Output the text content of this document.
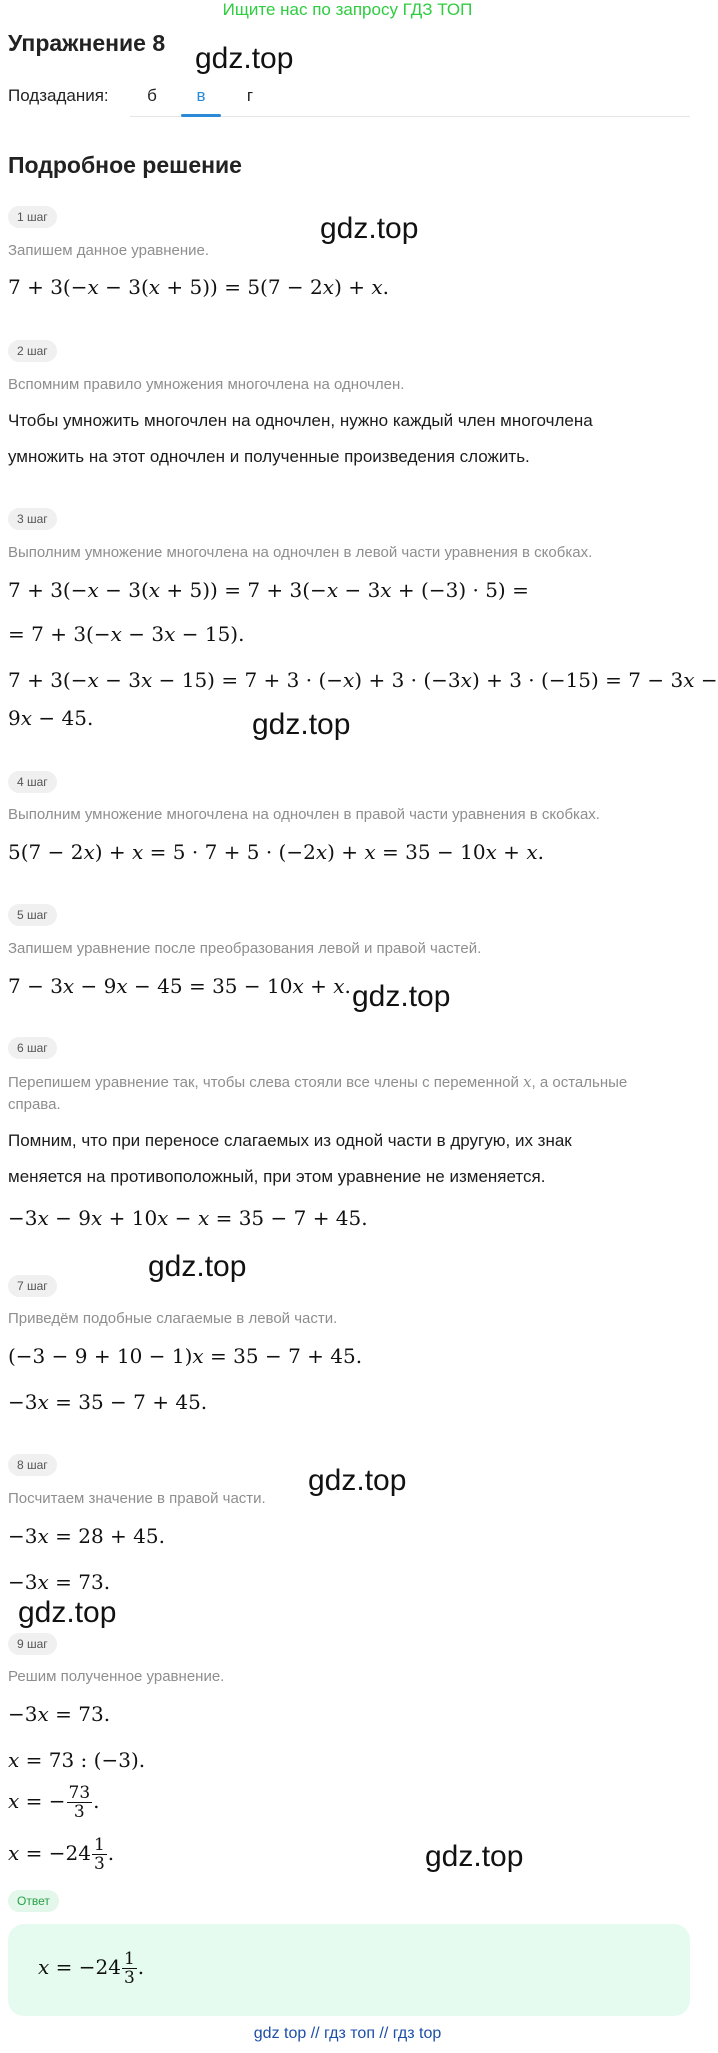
Ищите нас по запросу ГДЗ ТОП
Упражнение 8 gdz.top
Подзадания:	б	в	г
Подробное решение
1 шаг	gdz.top
Запишем данное уравнение.
7 + 3(−x − 3(x + 5)) = 5(7 − 2x) + x.
2 шаг
Вспомним правило умножения многочлена на одночлен.
Чтобы умножить многочлен на одночлен, нужно каждый член многочлена
умножить на этот одночлен и полученные произведения сложить.
3 шаг
Выполним умножение многочлена на одночлен в левой части уравнения в скобках.
7 + 3(−x − 3(x + 5)) = 7 + 3(−x − 3x + (−3) · 5) =
= 7 + 3(−x − 3x − 15).
7 + 3(−x − 3x − 15) = 7 + 3 · (−x) + 3 · (−3x) + 3 · (−15) = 7 − 3x −
9x − 45.	gdz.top
4 шаг
Выполним умножение многочлена на одночлен в правой части уравнения в скобках.
5(7 − 2x) + x = 5 · 7 + 5 · (−2x) + x = 35 − 10x + x.
5 шаг
Запишем уравнение после преобразования левой и правой частей.
7 − 3x − 9x − 45 = 35 − 10x + x. gdz.top
6 шаг
Перепишем уравнение так, чтобы слева стояли все члены с переменной x, а остальные
справа.
Помним, что при переносе слагаемых из одной части в другую, их знак
меняется на противоположный, при этом уравнение не изменяется.
−3x − 9x + 10x − x = 35 − 7 + 45.
gdz.top
7 шаг
Приведём подобные слагаемые в левой части.
(−3 − 9 + 10 − 1)x = 35 − 7 + 45.
−3x = 35 − 7 + 45.
8 шаг	gdz.top
Посчитаем значение в правой части.
−3x = 28 + 45.
−3x = 73.
gdz.top
9 шаг
Решим полученное уравнение.
−3x = 73.
x = 73 : (−3).
x = − $\frac{73}{3}$ .
$x = -24 \frac{1}{3}$ .	gdz.top
Ответ
$x = -24 \frac{1}{3}$ .
gdz top // гдз топ // гдз top
